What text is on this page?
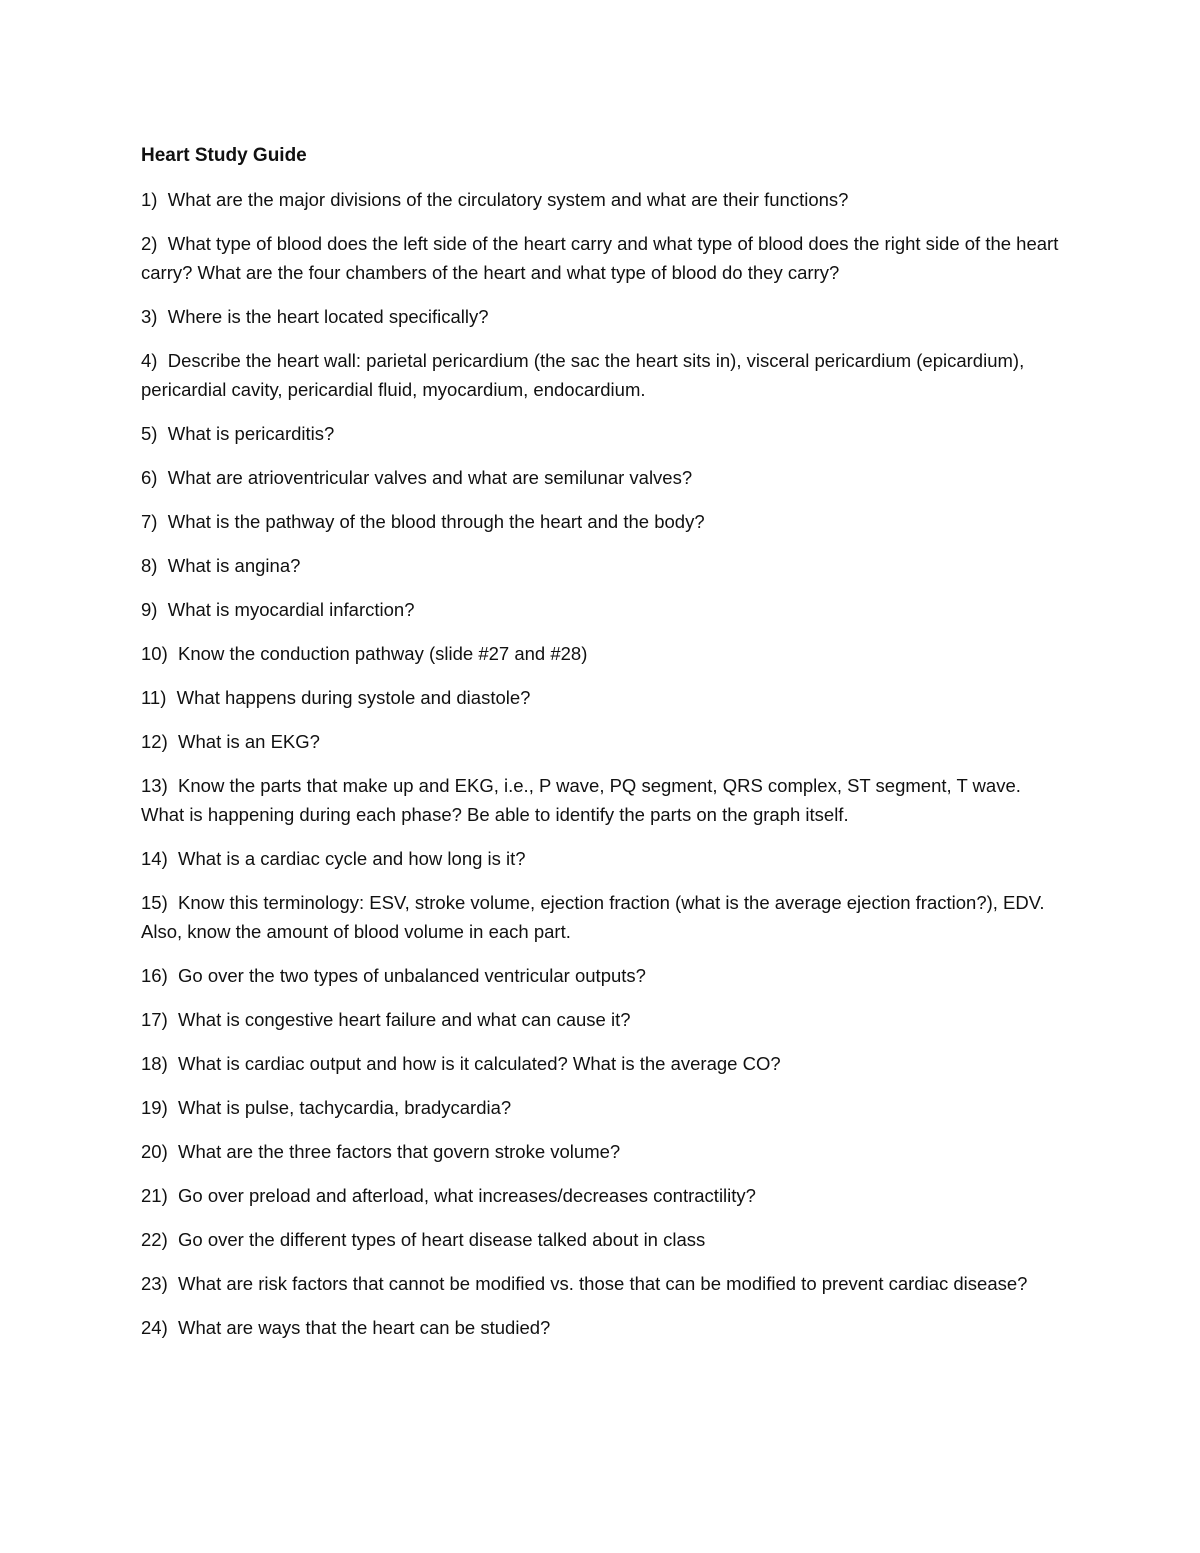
Heart Study Guide
1) What are the major divisions of the circulatory system and what are their functions?
2) What type of blood does the left side of the heart carry and what type of blood does the right side of the heart carry? What are the four chambers of the heart and what type of blood do they carry?
3) Where is the heart located specifically?
4) Describe the heart wall: parietal pericardium (the sac the heart sits in), visceral pericardium (epicardium), pericardial cavity, pericardial fluid, myocardium, endocardium.
5) What is pericarditis?
6) What are atrioventricular valves and what are semilunar valves?
7) What is the pathway of the blood through the heart and the body?
8) What is angina?
9) What is myocardial infarction?
10) Know the conduction pathway (slide #27 and #28)
11) What happens during systole and diastole?
12) What is an EKG?
13) Know the parts that make up and EKG, i.e., P wave, PQ segment, QRS complex, ST segment, T wave. What is happening during each phase? Be able to identify the parts on the graph itself.
14) What is a cardiac cycle and how long is it?
15) Know this terminology: ESV, stroke volume, ejection fraction (what is the average ejection fraction?), EDV. Also, know the amount of blood volume in each part.
16) Go over the two types of unbalanced ventricular outputs?
17) What is congestive heart failure and what can cause it?
18) What is cardiac output and how is it calculated? What is the average CO?
19) What is pulse, tachycardia, bradycardia?
20) What are the three factors that govern stroke volume?
21) Go over preload and afterload, what increases/decreases contractility?
22) Go over the different types of heart disease talked about in class
23) What are risk factors that cannot be modified vs. those that can be modified to prevent cardiac disease?
24) What are ways that the heart can be studied?
